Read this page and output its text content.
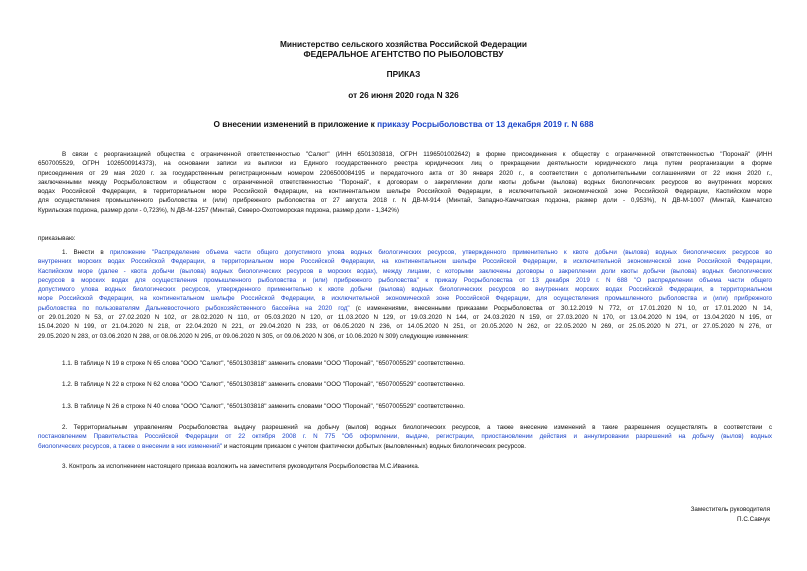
Министерство сельского хозяйства Российской Федерации
ФЕДЕРАЛЬНОЕ АГЕНТСТВО ПО РЫБОЛОВСТВУ
ПРИКАЗ
от 26 июня 2020 года N 326
О внесении изменений в приложение к приказу Росрыболовства от 13 декабря 2019 г. N 688
В связи с реорганизацией общества с ограниченной ответственностью "Салют" (ИНН 6501303818, ОГРН 1196501002642) в форме присоединения к обществу с ограниченной ответственностью "Поронай" (ИНН
6507005529, ОГРН 1026500914373), на основании записи из выписки из Единого государственного реестра юридических лиц о прекращении деятельности юридического лица путем реорганизации в форме
присоединения от 29 мая 2020 г. за государственным регистрационным номером 2206500084195 и передаточного акта от 30 января 2020 г., в соответствии с дополнительными соглашениями от 22 июня 2020 г.,
заключенными между Росрыболовством и обществом с ограниченной ответственностью "Поронай", к договорам о закреплении доли квоты добычи (вылова) водных биологических ресурсов во внутренних морских
водах Российской Федерации, в территориальном море Российской Федерации, на континентальном шельфе Российской Федерации, в исключительной экономической зоне Российской Федерации, Каспийском море
для осуществления промышленного рыболовства и (или) прибрежного рыболовства от 27 августа 2018 г. N ДВ-М-914 (Минтай, Западно-Камчатская подзона, размер доли - 0,953%), N ДВ-М-1007 (Минтай, Камчатско
Курильская подзона, размер доли - 0,723%), N ДВ-М-1257 (Минтай, Северо-Охотоморская подзона, размер доли - 1,342%)
приказываю:
1. Внести в приложение "Распределение объема части общего допустимого улова водных биологических ресурсов, утвержденного применительно к квоте добычи (вылова) водных биологических ресурсов во
внутренних морских водах Российской Федерации, в территориальном море Российской Федерации, на континентальном шельфе Российской Федерации, в исключительной экономической зоне Российской Федерации,
Каспийском море (далее - квота добычи (вылова) водных биологических ресурсов в морских водах), между лицами, с которыми заключены договоры о закреплении доли квоты добычи (вылова) водных биологических
ресурсов в морских водах для осуществления промышленного рыболовства и (или) прибрежного рыболовства" к приказу Росрыболовства от 13 декабря 2019 г. N 688 "О распределении объема части общего
допустимого улова водных биологических ресурсов, утвержденного применительно к квоте добычи (вылова) водных биологических ресурсов во внутренних морских водах Российской Федерации, в территориальном
море Российской Федерации, на континентальном шельфе Российской Федерации, в исключительной экономической зоне Российской Федерации, для осуществления промышленного рыболовства и (или) прибрежного
рыболовства по пользователям Дальневосточного рыбохозяйственного бассейна на 2020 год" (с изменениями, внесенными приказами Росрыболовства от 30.12.2019 N 772, от 17.01.2020 N 10, от 17.01.2020 N 14,
от 29.01.2020 N 53, от 27.02.2020 N 102, от 28.02.2020 N 110, от 05.03.2020 N 120, от 11.03.2020 N 129, от 19.03.2020 N 144, от 24.03.2020 N 159, от 27.03.2020 N 170, от 13.04.2020 N 194, от 13.04.2020 N 195, от
15.04.2020 N 199, от 21.04.2020 N 218, от 22.04.2020 N 221, от 29.04.2020 N 233, от 06.05.2020 N 236, от 14.05.2020 N 251, от 20.05.2020 N 262, от 22.05.2020 N 269, от 25.05.2020 N 271, от 27.05.2020 N 276, от
29.05.2020 N 283, от 03.06.2020 N 288, от 08.06.2020 N 295, от 09.06.2020 N 305, от 09.06.2020 N 306, от 10.06.2020 N 309) следующие изменения:
1.1. В таблице N 19 в строке N 65 слова "ООО "Салют", "6501303818" заменить словами "ООО "Поронай", "6507005529" соответственно.
1.2. В таблице N 22 в строке N 62 слова "ООО "Салют", "6501303818" заменить словами "ООО "Поронай", "6507005529" соответственно.
1.3. В таблице N 26 в строке N 40 слова "ООО "Салют", "6501303818" заменить словами "ООО "Поронай", "6507005529" соответственно.
2. Территориальным управлениям Росрыболовства выдачу разрешений на добычу (вылов) водных биологических ресурсов, а также внесение изменений в такие разрешения осуществлять в соответствии с
постановлением Правительства Российской Федерации от 22 октября 2008 г. N 775 "Об оформлении, выдаче, регистрации, приостановлении действия и аннулировании разрешений на добычу (вылов) водных
биологических ресурсов, а также о внесении в них изменений" и настоящим приказом с учетом фактически добытых (выловленных) водных биологических ресурсов.
3. Контроль за исполнением настоящего приказа возложить на заместителя руководителя Росрыболовства М.С.Иваника.
Заместитель руководителя
П.С.Савчук
